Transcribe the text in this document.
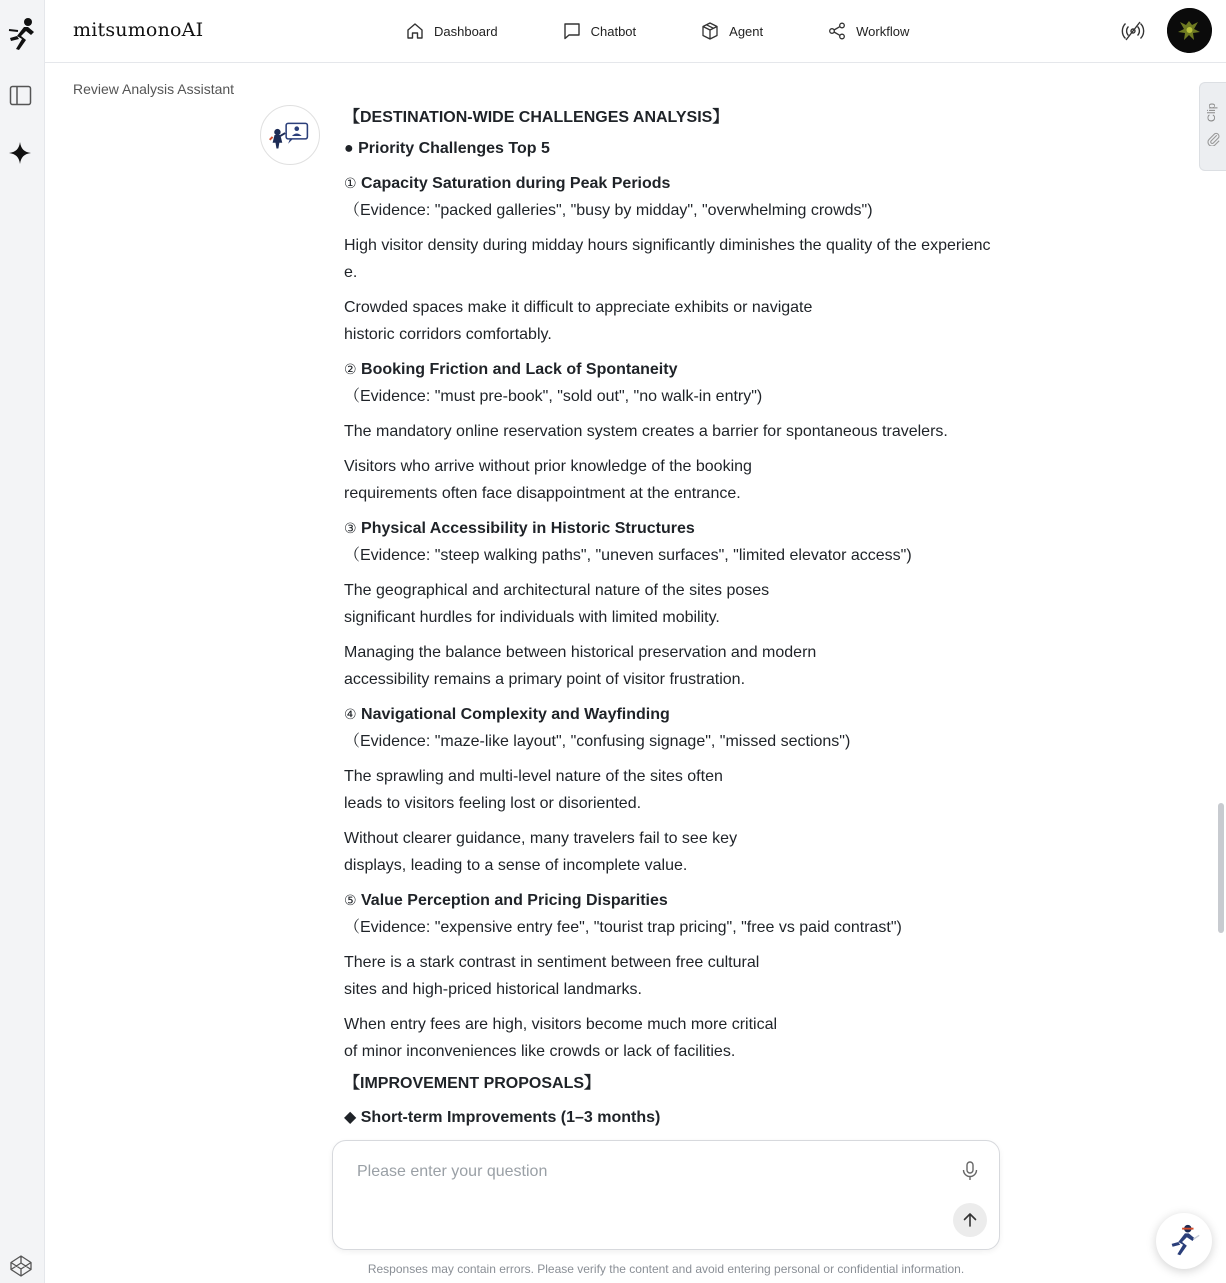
mitsumonoAI	Dashboard	Chatbot	Agent	Workflow
Review Analysis Assistant
Clip
【DESTINATION-WIDE CHALLENGES ANALYSIS】
● Priority Challenges Top 5
① Capacity Saturation during Peak Periods
（Evidence: "packed galleries", "busy by midday", "overwhelming crowds")

High visitor density during midday hours significantly diminishes the quality of the experience.

Crowded spaces make it difficult to appreciate exhibits or navigate
historic corridors comfortably.

② Booking Friction and Lack of Spontaneity
（Evidence: "must pre-book", "sold out", "no walk-in entry")

The mandatory online reservation system creates a barrier for spontaneous travelers.

Visitors who arrive without prior knowledge of the booking
requirements often face disappointment at the entrance.

③ Physical Accessibility in Historic Structures
（Evidence: "steep walking paths", "uneven surfaces", "limited elevator access")

The geographical and architectural nature of the sites poses
significant hurdles for individuals with limited mobility.

Managing the balance between historical preservation and modern
accessibility remains a primary point of visitor frustration.

④ Navigational Complexity and Wayfinding
（Evidence: "maze-like layout", "confusing signage", "missed sections")

The sprawling and multi-level nature of the sites often
leads to visitors feeling lost or disoriented.

Without clearer guidance, many travelers fail to see key
displays, leading to a sense of incomplete value.

⑤ Value Perception and Pricing Disparities
（Evidence: "expensive entry fee", "tourist trap pricing", "free vs paid contrast")

There is a stark contrast in sentiment between free cultural
sites and high-priced historical landmarks.

When entry fees are high, visitors become much more critical
of minor inconveniences like crowds or lack of facilities.

【IMPROVEMENT PROPOSALS】
◆ Short-term Improvements (1–3 months)
Please enter your question
Responses may contain errors. Please verify the content and avoid entering personal or confidential information.
